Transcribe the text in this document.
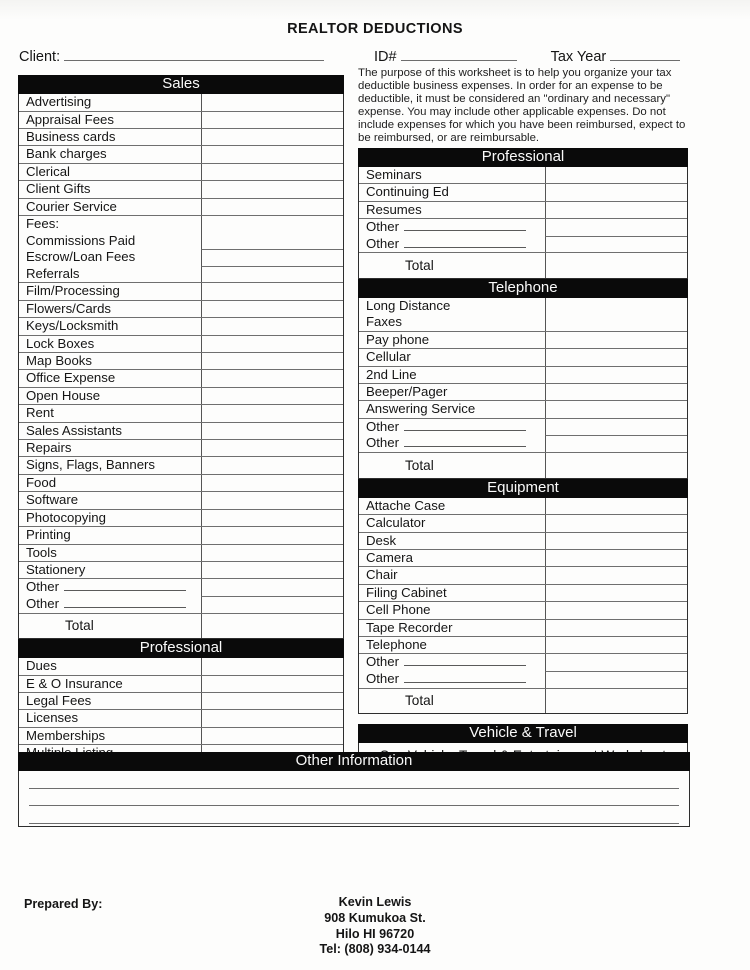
REALTOR DEDUCTIONS
Client:	ID#	Tax Year
Sales
Advertising
Appraisal Fees
Business cards
Bank charges
Clerical
Client Gifts
Courier Service
Fees:
Commissions Paid
Escrow/Loan Fees
Referrals
Film/Processing
Flowers/Cards
Keys/Locksmith
Lock Boxes
Map Books
Office Expense
Open House
Rent
Sales Assistants
Repairs
Signs, Flags, Banners
Food
Software
Photocopying
Printing
Tools
Stationery
Other
Other
Total
Professional
Dues
E & O Insurance
Legal Fees
Licenses
Memberships

The purpose of this worksheet is to help you organize your tax deductible business expenses. In order for an expense to be deductible, it must be considered an "ordinary and necessary" expense. You may include other applicable expenses. Do not include expenses for which you have been reimbursed, expect to be reimbursed, or are reimbursable.

Professional
Seminars
Continuing Ed
Resumes
Other
Other
Total
Telephone
Long Distance
Faxes
Pay phone
Cellular
2nd Line
Beeper/Pager
Answering Service
Other
Other
Total
Equipment
Attache Case
Calculator
Desk
Camera
Chair
Filing Cabinet
Cell Phone
Tape Recorder
Telephone
Other
Other
Total
Vehicle & Travel
Other Information
Prepared By:	Kevin Lewis
908 Kumukoa St.
Hilo HI 96720
Tel: (808) 934-0144
